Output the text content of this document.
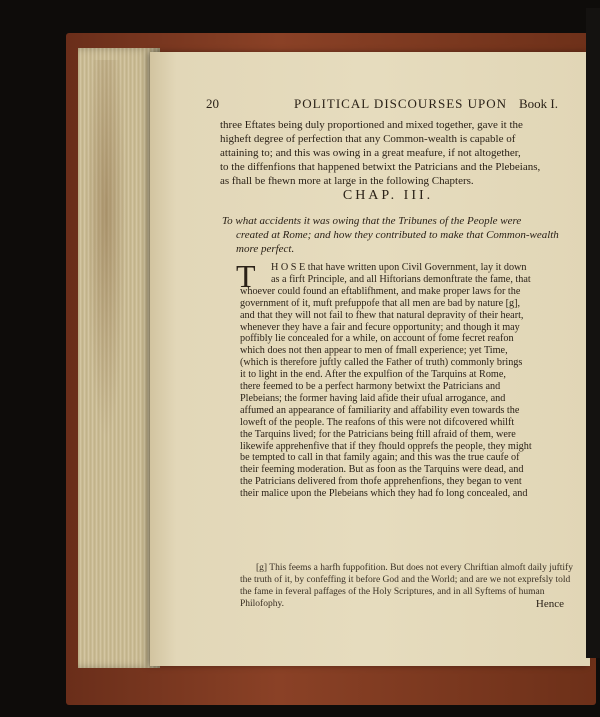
20	POLITICAL DISCOURSES UPON Book I.
three Eftates being duly proportioned and mixed together, gave it the
higheft degree of perfection that any Common-wealth is capable of
attaining to; and this was owing in a great meafure, if not altogether,
to the diffenfions that happened betwixt the Patricians and the Plebeians,
as fhall be fhewn more at large in the following Chapters.
CHAP. III.
To what accidents it was owing that the Tribunes of the People were
created at Rome; and how they contributed to make that Common-wealth
more perfect.
T H O S E that have written upon Civil Government, lay it down
as a firft Principle, and all Hiftorians demonftrate the fame, that
whoever could found an eftablifhment, and make proper laws for the
government of it, muft prefuppofe that all men are bad by nature [g],
and that they will not fail to fhew that natural depravity of their heart,
whenever they have a fair and fecure opportunity; and though it may
poffibly lie concealed for a while, on account of fome fecret reafon
which does not then appear to men of fmall experience; yet Time,
(which is therefore juftly called the Father of truth) commonly brings
it to light in the end. After the expulfion of the Tarquins at Rome,
there feemed to be a perfect harmony betwixt the Patricians and
Plebeians; the former having laid afide their ufual arrogance, and
affumed an appearance of familiarity and affability even towards the
loweft of the people. The reafons of this were not difcovered whilft
the Tarquins lived; for the Patricians being ftill afraid of them, were
likewife apprehenfive that if they fhould opprefs the people, they might
be tempted to call in that family again; and this was the true caufe of
their feeming moderation. But as foon as the Tarquins were dead, and
the Patricians delivered from thofe apprehenfions, they began to vent
their malice upon the Plebeians which they had fo long concealed, and
[g] This feems a harfh fuppofition. But does not every Chriftian almoft daily juftify
the truth of it, by confeffing it before God and the World; and are we not exprefsly told
the fame in feveral paffages of the Holy Scriptures, and in all Syftems of human
Philofophy.	Hence
